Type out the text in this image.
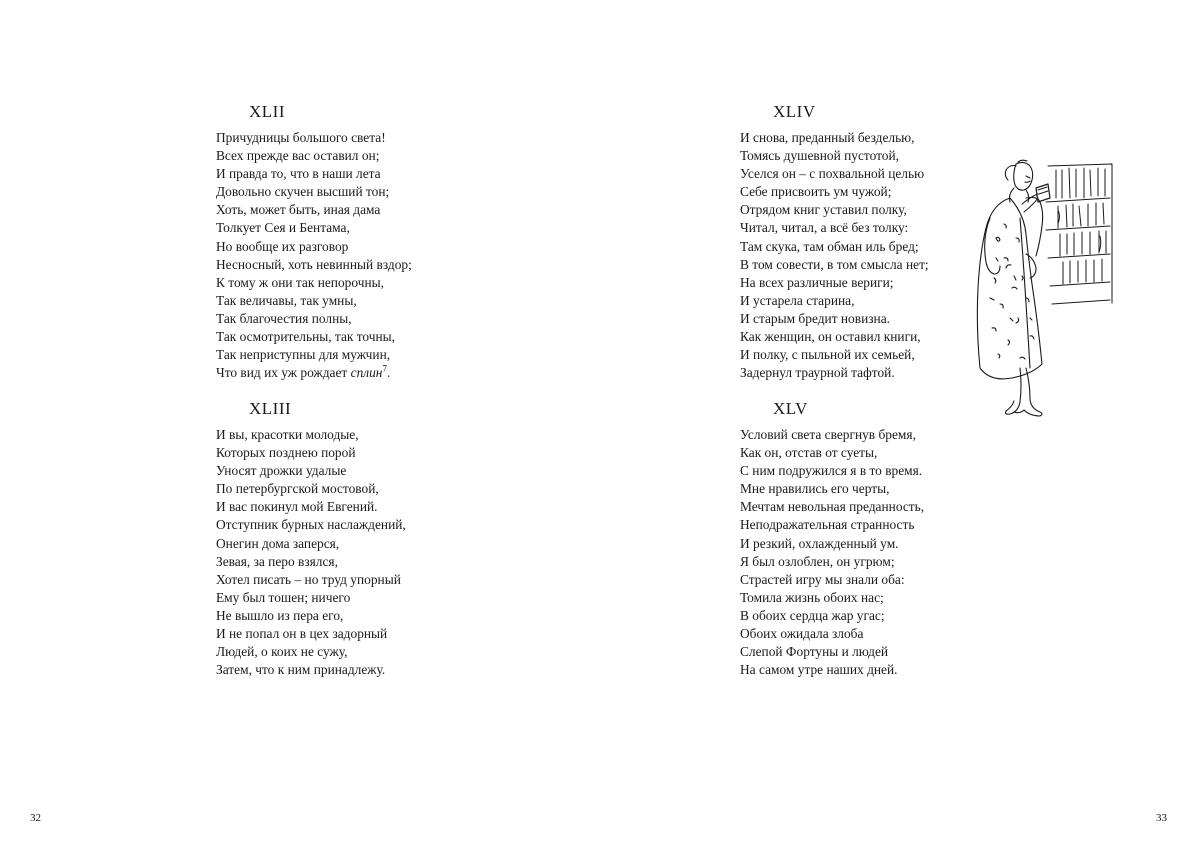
XLII
Причудницы большого света!
Всех прежде вас оставил он;
И правда то, что в наши лета
Довольно скучен высший тон;
Хоть, может быть, иная дама
Толкует Сея и Бентама,
Но вообще их разговор
Несносный, хоть невинный вздор;
К тому ж они так непорочны,
Так величавы, так умны,
Так благочестия полны,
Так осмотрительны, так точны,
Так неприступны для мужчин,
Что вид их уж рождает сплин$^7$.
XLIII
И вы, красотки молодые,
Которых позднею порой
Уносят дрожки удалые
По петербургской мостовой,
И вас покинул мой Евгений.
Отступник бурных наслаждений,
Онегин дома заперся,
Зевая, за перо взялся,
Хотел писать – но труд упорный
Ему был тошен; ничего
Не вышло из пера его,
И не попал он в цех задорный
Людей, о коих не сужу,
Затем, что к ним принадлежу.
32
XLIV
И снова, преданный безделью,
Томясь душевной пустотой,
Уселся он – с похвальной целью
Себе присвоить ум чужой;
Отрядом книг уставил полку,
Читал, читал, а всё без толку:
Там скука, там обман иль бред;
В том совести, в том смысла нет;
На всех различные вериги;
И устарела старина,
И старым бредит новизна.
Как женщин, он оставил книги,
И полку, с пыльной их семьей,
Задернул траурной тафтой.
XLV
Условий света свергнув бремя,
Как он, отстав от суеты,
С ним подружился я в то время.
Мне нравились его черты,
Мечтам невольная преданность,
Неподражательная странность
И резкий, охлажденный ум.
Я был озлоблен, он угрюм;
Страстей игру мы знали оба:
Томила жизнь обоих нас;
В обоих сердца жар угас;
Обоих ожидала злоба
Слепой Фортуны и людей
На самом утре наших дней.
33
